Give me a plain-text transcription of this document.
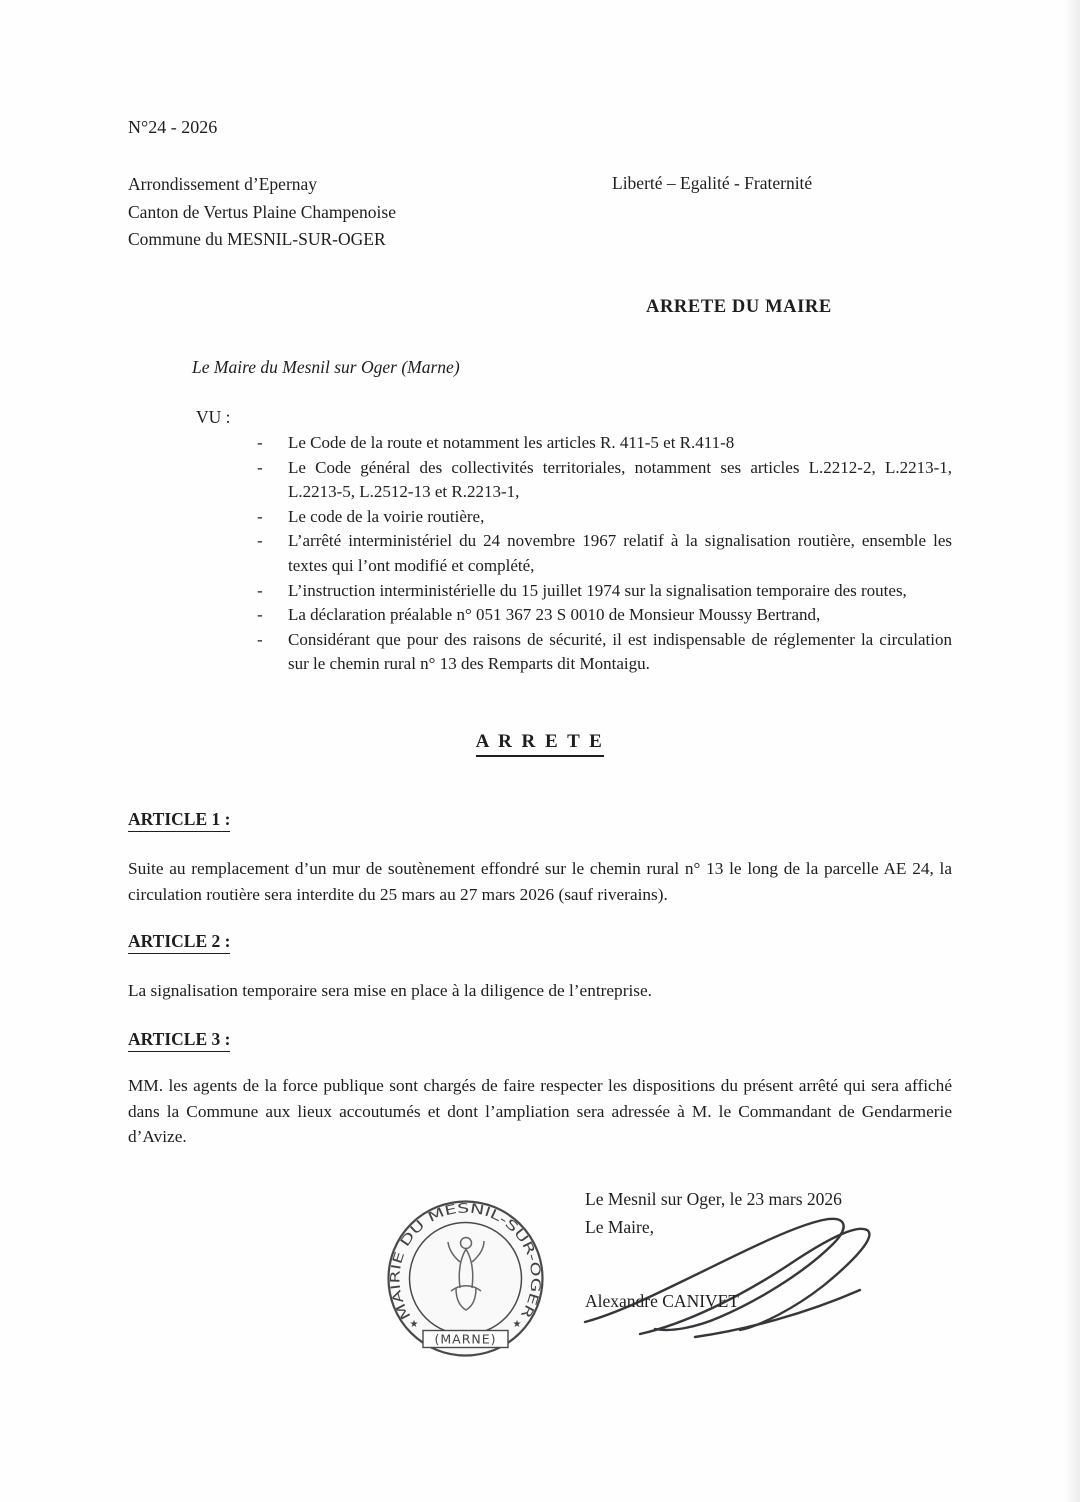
N°24 - 2026
Arrondissement d’Epernay
Canton de Vertus Plaine Champenoise
Commune du MESNIL-SUR-OGER
Liberté – Egalité - Fraternité
ARRETE DU MAIRE
Le Maire du Mesnil sur Oger (Marne)
VU :
- Le Code de la route et notamment les articles R. 411-5 et R.411-8
- Le Code général des collectivités territoriales, notamment ses articles L.2212-2, L.2213-1, L.2213-5, L.2512-13 et R.2213-1,
- Le code de la voirie routière,
- L’arrêté interministériel du 24 novembre 1967 relatif à la signalisation routière, ensemble les textes qui l’ont modifié et complété,
- L’instruction interministérielle du 15 juillet 1974 sur la signalisation temporaire des routes,
- La déclaration préalable n° 051 367 23 S 0010 de Monsieur Moussy Bertrand,
- Considérant que pour des raisons de sécurité, il est indispensable de réglementer la circulation sur le chemin rural n° 13 des Remparts dit Montaigu.
A R R E T E
ARTICLE 1 :
Suite au remplacement d’un mur de soutènement effondré sur le chemin rural n° 13 le long de la parcelle AE 24, la circulation routière sera interdite du 25 mars au 27 mars 2026 (sauf riverains).
ARTICLE 2 :
La signalisation temporaire sera mise en place à la diligence de l’entreprise.
ARTICLE 3 :
MM. les agents de la force publique sont chargés de faire respecter les dispositions du présent arrêté qui sera affiché dans la Commune aux lieux accoutumés et dont l’ampliation sera adressée à M. le Commandant de Gendarmerie d’Avize.
Le Mesnil sur Oger, le 23 mars 2026
Le Maire,
Alexandre CANIVET
MAIRIE DU MESNIL-SUR-OGER
★	★
(MARNE)
